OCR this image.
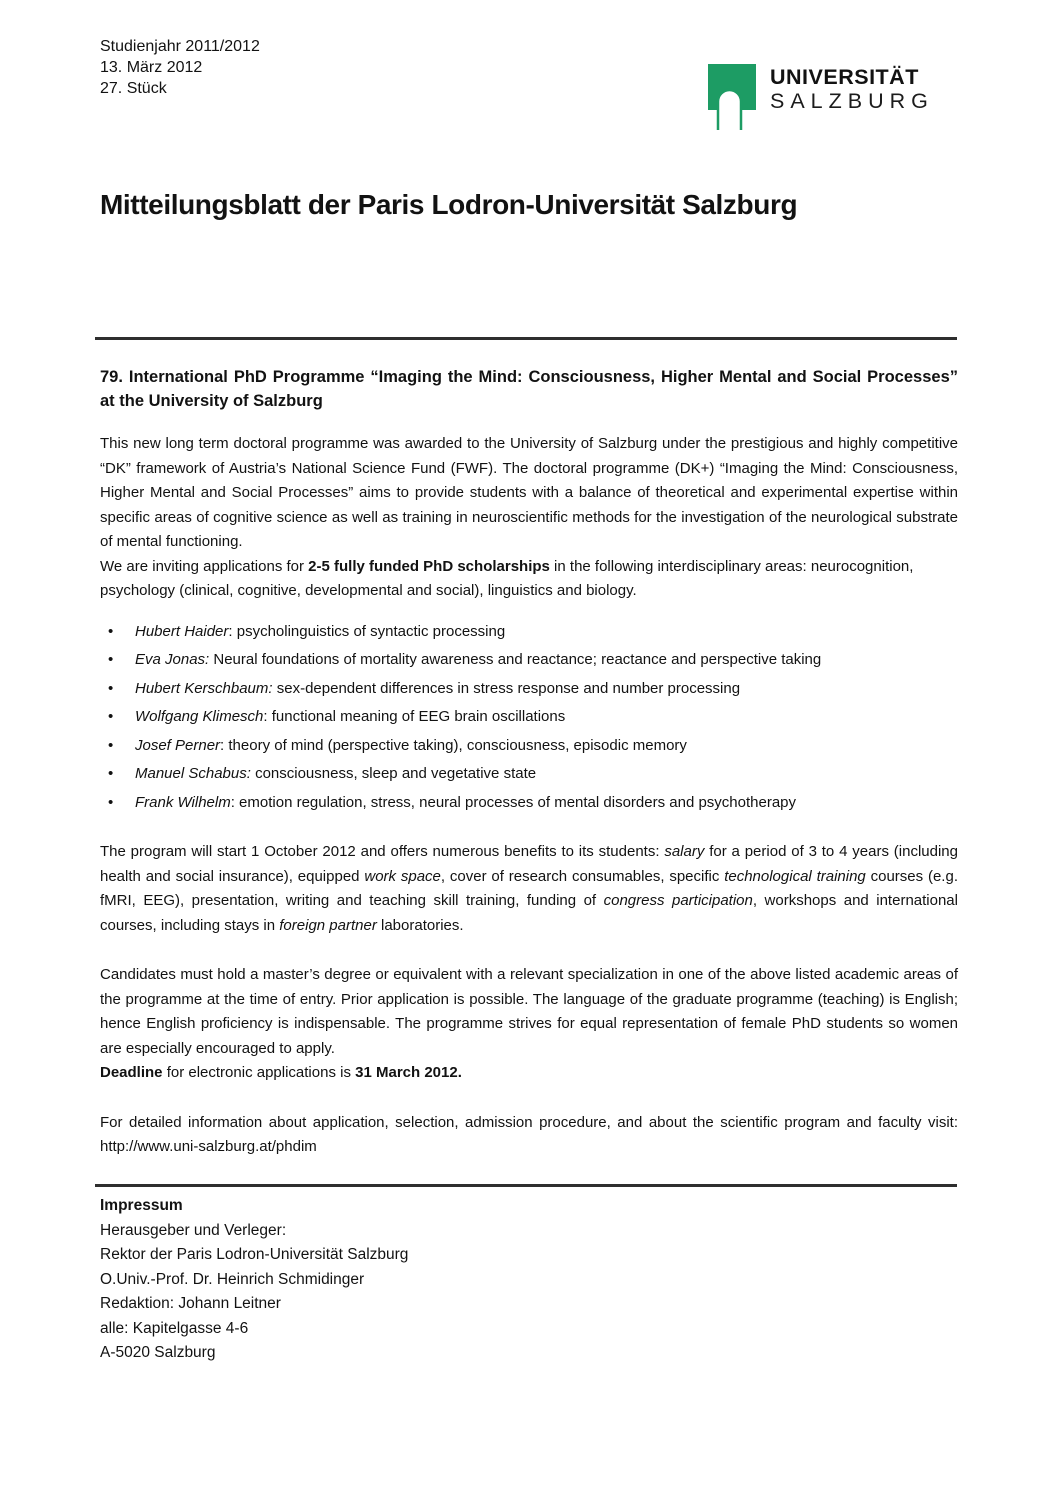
Studienjahr 2011/2012
13. März 2012
27. Stück	UNIVERSITÄT
SALZBURG
Mitteilungsblatt der Paris Lodron-Universität Salzburg
79. International PhD Programme “Imaging the Mind: Consciousness, Higher Mental and Social Processes” at the University of Salzburg

This new long term doctoral programme was awarded to the University of Salzburg under the prestigious and highly competitive “DK” framework of Austria’s National Science Fund (FWF). The doctoral programme (DK+) “Imaging the Mind: Consciousness, Higher Mental and Social Processes” aims to provide students with a balance of theoretical and experimental expertise within specific areas of cognitive science as well as training in neuroscientific methods for the investigation of the neurological substrate of mental functioning.

We are inviting applications for 2-5 fully funded PhD scholarships in the following interdisciplinary areas: neurocognition, psychology (clinical, cognitive, developmental and social), linguistics and biology.

• Hubert Haider: psycholinguistics of syntactic processing
• Eva Jonas: Neural foundations of mortality awareness and reactance; reactance and perspective taking
• Hubert Kerschbaum: sex-dependent differences in stress response and number processing
• Wolfgang Klimesch: functional meaning of EEG brain oscillations
• Josef Perner: theory of mind (perspective taking), consciousness, episodic memory
• Manuel Schabus: consciousness, sleep and vegetative state
• Frank Wilhelm: emotion regulation, stress, neural processes of mental disorders and psychotherapy

The program will start 1 October 2012 and offers numerous benefits to its students: salary for a period of 3 to 4 years (including health and social insurance), equipped work space, cover of research consumables, specific technological training courses (e.g. fMRI, EEG), presentation, writing and teaching skill training, funding of congress participation, workshops and international courses, including stays in foreign partner laboratories.

Candidates must hold a master’s degree or equivalent with a relevant specialization in one of the above listed academic areas of the programme at the time of entry. Prior application is possible. The language of the graduate programme (teaching) is English; hence English proficiency is indispensable. The programme strives for equal representation of female PhD students so women are especially encouraged to apply.

Deadline for electronic applications is 31 March 2012.

For detailed information about application, selection, admission procedure, and about the scientific program and faculty visit: http://www.uni-salzburg.at/phdim

Impressum
Herausgeber und Verleger:
Rektor der Paris Lodron-Universität Salzburg
O.Univ.-Prof. Dr. Heinrich Schmidinger
Redaktion: Johann Leitner
alle: Kapitelgasse 4-6
A-5020 Salzburg
